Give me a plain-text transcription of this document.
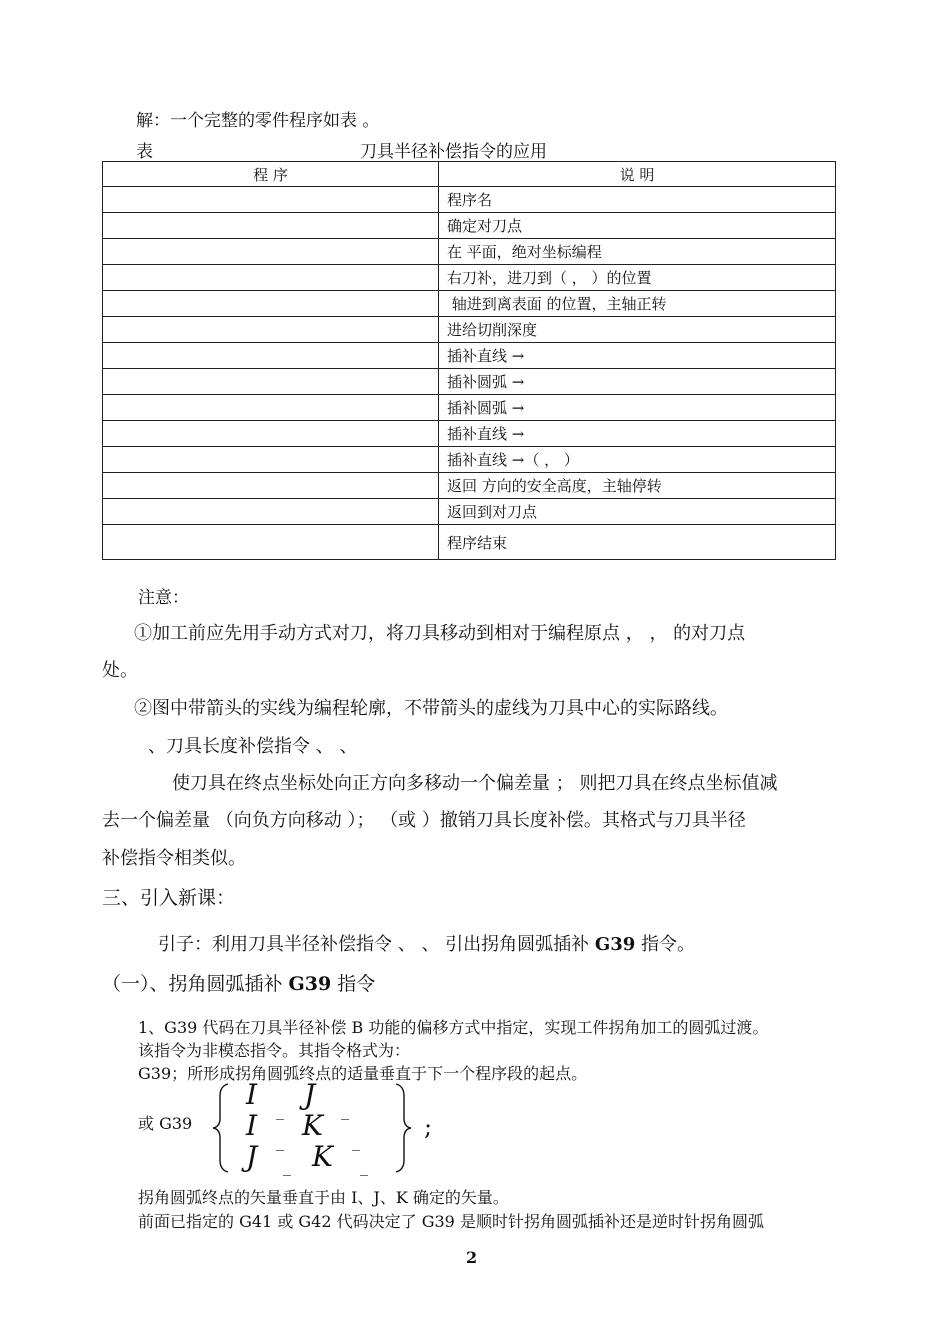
解：一个完整的零件程序如表 。
表	刀具半径补偿指令的应用
程 序	说 明
	程序名
	确定对刀点
	在 平面，绝对坐标编程
	右刀补，进刀到（ ， ）的位置
	轴进到离表面 的位置，主轴正转
	进给切削深度
	插补直线 →
	插补圆弧 →
	插补圆弧 →
	插补直线 →
	插补直线 →（ ， ）
	返回 方向的安全高度，主轴停转
	返回到对刀点
	程序结束
注意：
①加工前应先用手动方式对刀，将刀具移动到相对于编程原点 ， ， 的对刀点
处。
②图中带箭头的实线为编程轮廓，不带箭头的虚线为刀具中心的实际路线。
、刀具长度补偿指令 、 、
使刀具在终点坐标处向正方向多移动一个偏差量 ； 则把刀具在终点坐标值减
去一个偏差量 （向负方向移动 ）； （或 ）撤销刀具长度补偿。其格式与刀具半径
补偿指令相类似。
三、引入新课：
引子：利用刀具半径补偿指令 、 、 引出拐角圆弧插补 G39 指令。
（一）、拐角圆弧插补 G39 指令
1、G39 代码在刀具半径补偿 B 功能的偏移方式中指定，实现工件拐角加工的圆弧过渡。
该指令为非模态指令。其指令格式为：
G39；所形成拐角圆弧终点的适量垂直于下一个程序段的起点。
或 G39
I J
I _ K _
J _ K _
_	_
;
拐角圆弧终点的矢量垂直于由 I、J、K 确定的矢量。
前面已指定的 G41 或 G42 代码决定了 G39 是顺时针拐角圆弧插补还是逆时针拐角圆弧
2
